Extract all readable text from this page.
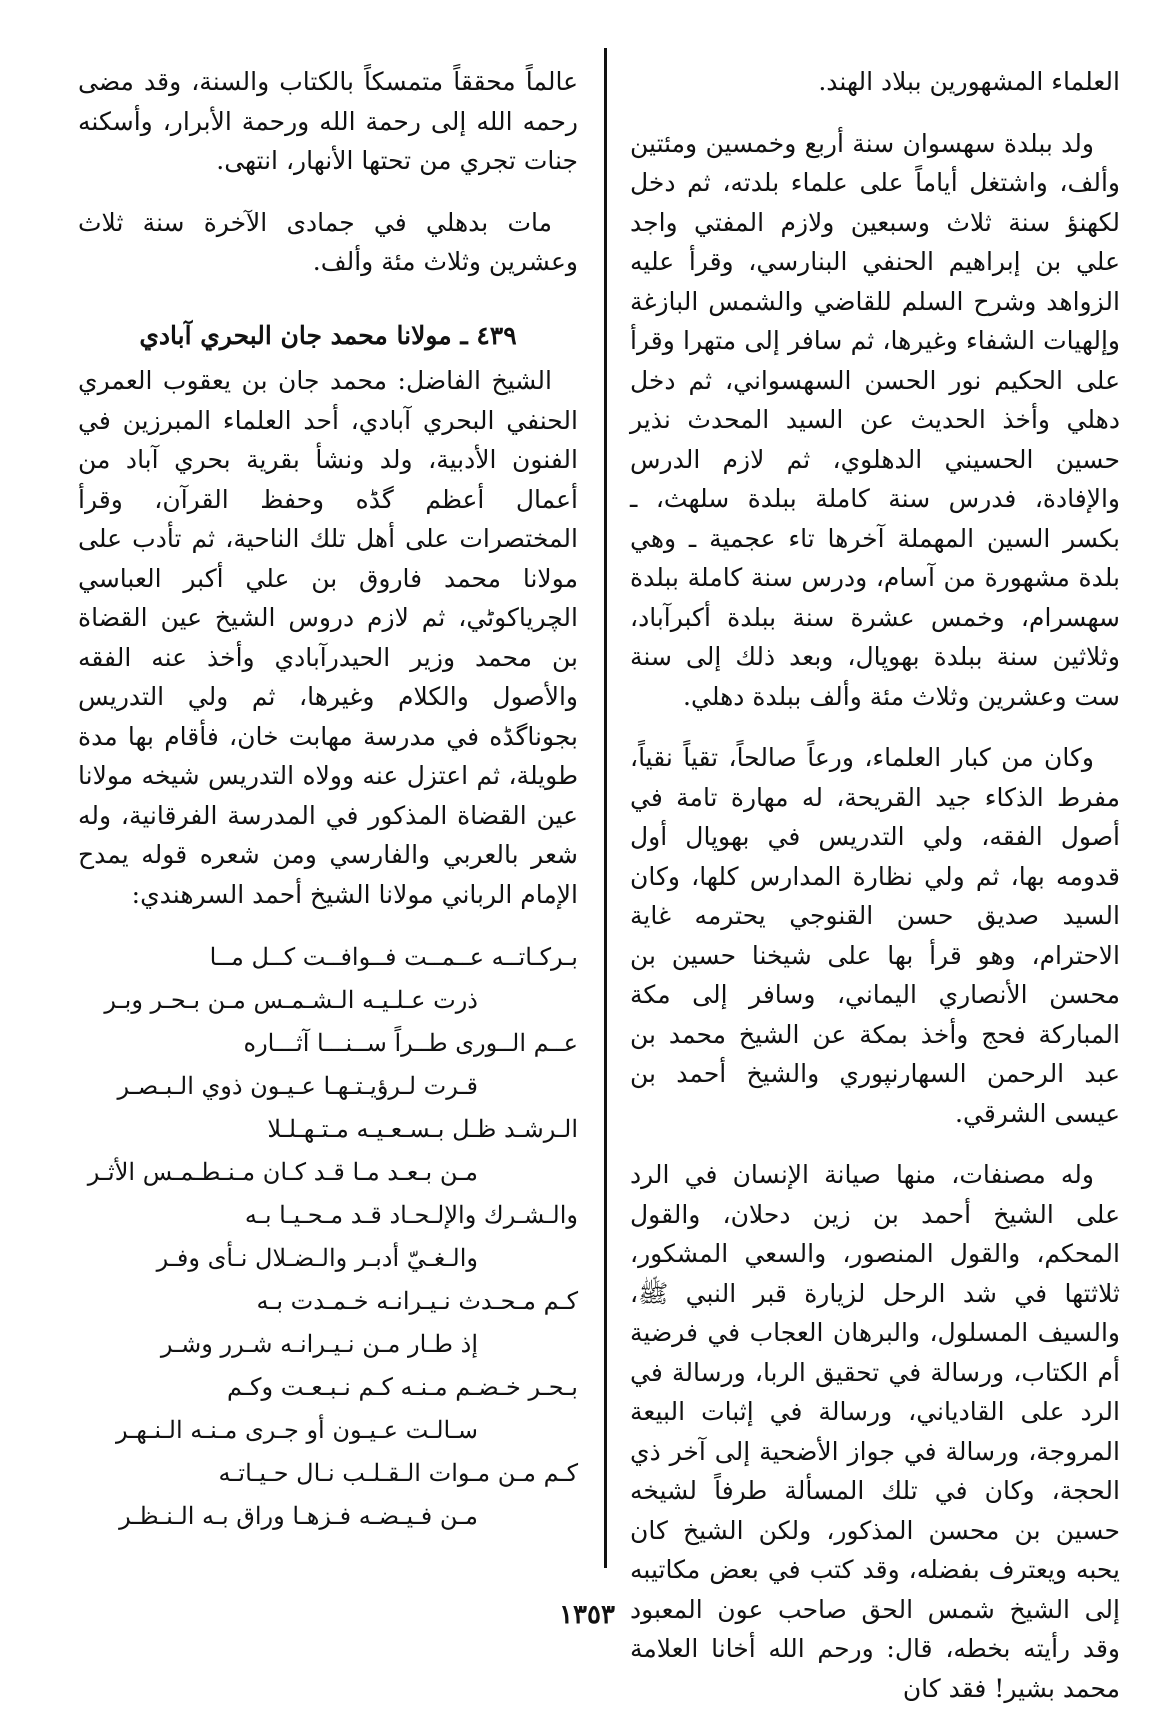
العلماء المشهورين ببلاد الهند.

ولد ببلدة سهسوان سنة أربع وخمسين ومئتين وألف، واشتغل أياماً على علماء بلدته، ثم دخل لكهنؤ سنة ثلاث وسبعين ولازم المفتي واجد علي بن إبراهيم الحنفي البنارسي، وقرأ عليه الزواهد وشرح السلم للقاضي والشمس البازغة وإلهيات الشفاء وغيرها، ثم سافر إلى متهرا وقرأ على الحكيم نور الحسن السهسواني، ثم دخل دهلي وأخذ الحديث عن السيد المحدث نذير حسين الحسيني الدهلوي، ثم لازم الدرس والإفادة، فدرس سنة كاملة ببلدة سلهث، ـ بكسر السين المهملة آخرها تاء عجمية ـ وهي بلدة مشهورة من آسام، ودرس سنة كاملة ببلدة سهسرام، وخمس عشرة سنة ببلدة أكبرآباد، وثلاثين سنة ببلدة بهوپال، وبعد ذلك إلى سنة ست وعشرين وثلاث مئة وألف ببلدة دهلي.

وكان من كبار العلماء، ورعاً صالحاً، تقياً نقياً، مفرط الذكاء جيد القريحة، له مهارة تامة في أصول الفقه، ولي التدريس في بهوپال أول قدومه بها، ثم ولي نظارة المدارس كلها، وكان السيد صديق حسن القنوجي يحترمه غاية الاحترام، وهو قرأ بها على شيخنا حسين بن محسن الأنصاري اليماني، وسافر إلى مكة المباركة فحج وأخذ بمكة عن الشيخ محمد بن عبد الرحمن السهارنپوري والشيخ أحمد بن عيسى الشرقي.

وله مصنفات، منها صيانة الإنسان في الرد على الشيخ أحمد بن زين دحلان، والقول المحكم، والقول المنصور، والسعي المشكور، ثلاثتها في شد الرحل لزيارة قبر النبي ﷺ، والسيف المسلول، والبرهان العجاب في فرضية أم الكتاب، ورسالة في تحقيق الربا، ورسالة في الرد على القادياني، ورسالة في إثبات البيعة المروجة، ورسالة في جواز الأضحية إلى آخر ذي الحجة، وكان في تلك المسألة طرفاً لشيخه حسين بن محسن المذكور، ولكن الشيخ كان يحبه ويعترف بفضله، وقد كتب في بعض مكاتيبه إلى الشيخ شمس الحق صاحب عون المعبود وقد رأيته بخطه، قال: ورحم الله أخانا العلامة محمد بشير! فقد كان

عالماً محققاً متمسكاً بالكتاب والسنة، وقد مضى رحمه الله إلى رحمة الله ورحمة الأبرار، وأسكنه جنات تجري من تحتها الأنهار، انتهى.

مات بدهلي في جمادى الآخرة سنة ثلاث وعشرين وثلاث مئة وألف.

٤٣٩ ـ مولانا محمد جان البحري آبادي

الشيخ الفاضل: محمد جان بن يعقوب العمري الحنفي البحري آبادي، أحد العلماء المبرزين في الفنون الأدبية، ولد ونشأ بقرية بحري آباد من أعمال أعظم گڈه وحفظ القرآن، وقرأ المختصرات على أهل تلك الناحية، ثم تأدب على مولانا محمد فاروق بن علي أكبر العباسي الچرياكوٹي، ثم لازم دروس الشيخ عين القضاة بن محمد وزير الحيدرآبادي وأخذ عنه الفقه والأصول والكلام وغيرها، ثم ولي التدريس بجوناگڈه في مدرسة مهابت خان، فأقام بها مدة طويلة، ثم اعتزل عنه وولاه التدريس شيخه مولانا عين القضاة المذكور في المدرسة الفرقانية، وله شعر بالعربي والفارسي ومن شعره قوله يمدح الإمام الرباني مولانا الشيخ أحمد السرهندي:

بـركـاتــه عــمــت فــوافــت كــل مــا
ذرت عـلـيـه الـشـمـس مـن بـحـر وبـر
عــم الــورى طــراً ســنـــا آثـــاره
قـرت لـرؤيـتـهـا عـيـون ذوي الـبـصـر
الـرشـد ظـل بـسـعـيـه مـتـهـلـلا
مـن بـعـد مـا قـد كـان مـنـطـمـس الأثـر
والـشـرك والإلـحـاد قـد مـحـيـا بـه
والـغـيّ أدبـر والـضـلال نـأى وفـر
كـم مـحـدث نـيـرانـه خـمـدت بـه
إذ طـار مـن نـيـرانـه شـرر وشـر
بـحـر خـضـم مـنـه كـم نـبـعـت وكـم
سـالـت عـيـون أو جـرى مـنـه الـنـهـر
كـم مـن مـوات الـقـلـب نـال حـيـاتـه
مـن فـيـضـه فـزهـا وراق بـه الـنـظـر
١٣٥٣
